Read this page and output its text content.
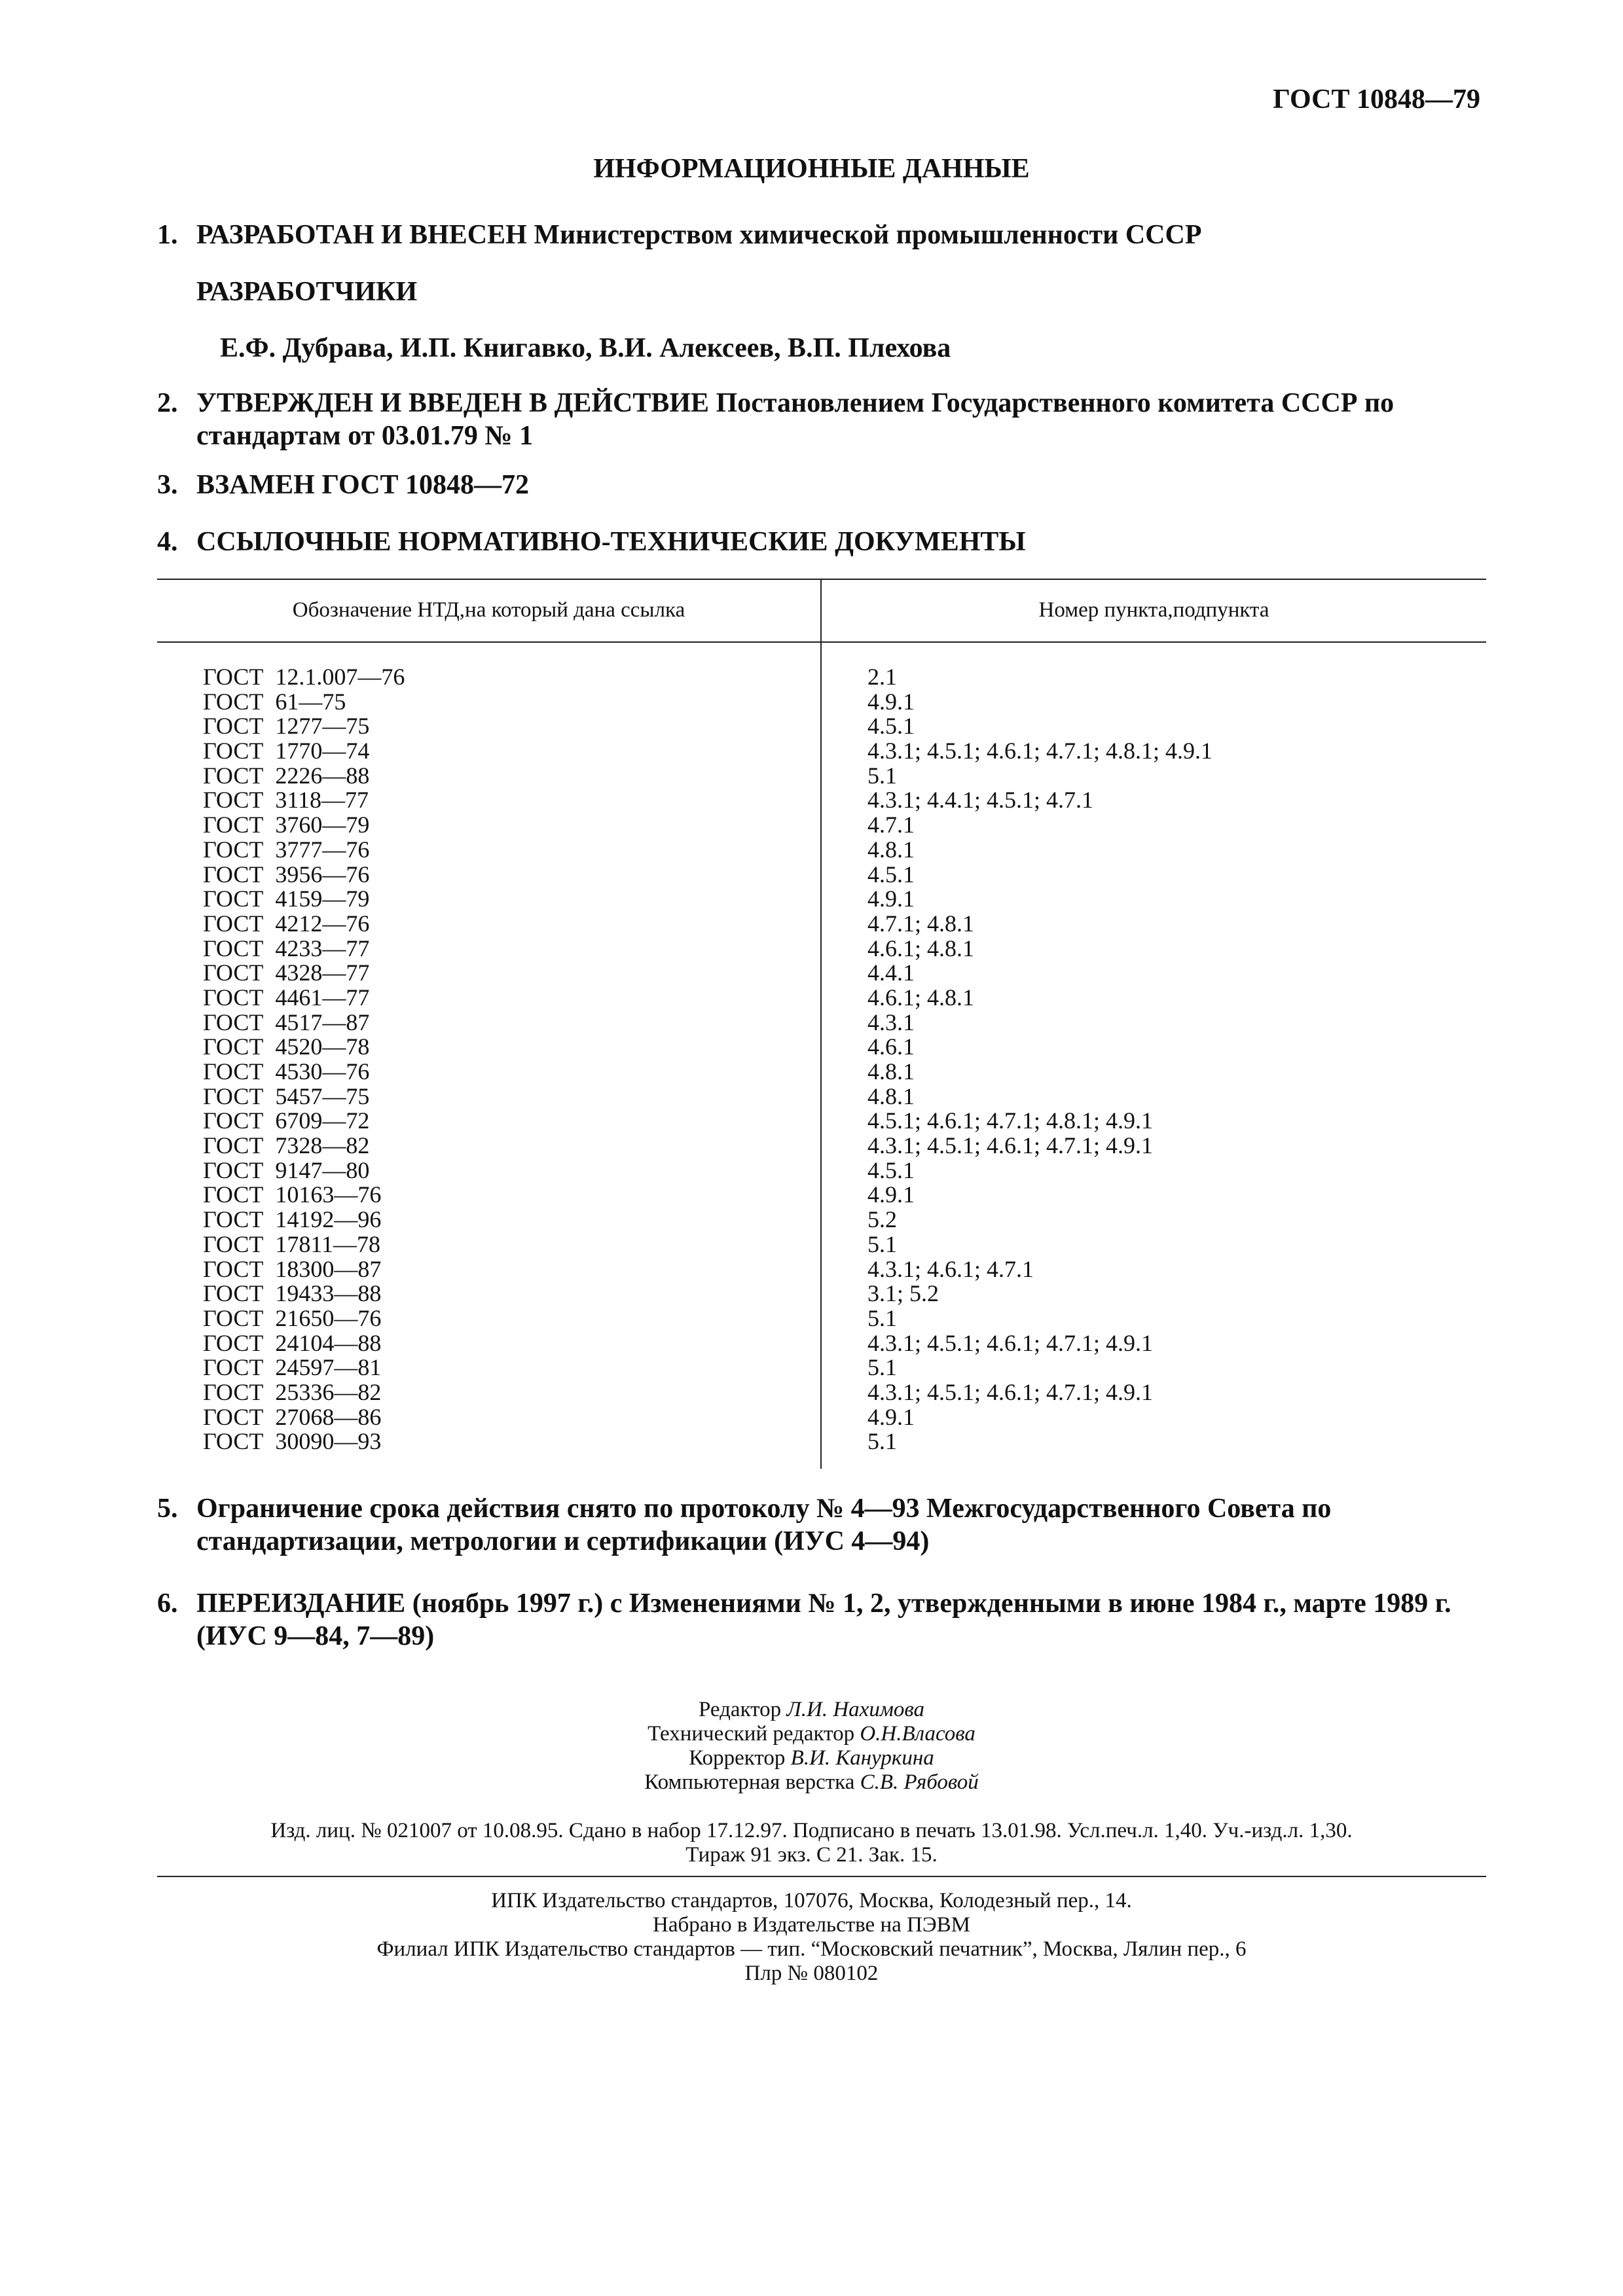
ГОСТ 10848—79
ИНФОРМАЦИОННЫЕ ДАННЫЕ
1. РАЗРАБОТАН И ВНЕСЕН Министерством химической промышленности СССР
РАЗРАБОТЧИКИ
Е.Ф. Дубрава, И.П. Книгавко, В.И. Алексеев, В.П. Плехова
2. УТВЕРЖДЕН И ВВЕДЕН В ДЕЙСТВИЕ Постановлением Государственного комитета СССР по стандартам от 03.01.79 № 1
3. ВЗАМЕН ГОСТ 10848—72
4. ССЫЛОЧНЫЕ НОРМАТИВНО-ТЕХНИЧЕСКИЕ ДОКУМЕНТЫ
Обозначение НТД,на который дана ссылка	Номер пункта,подпункта
ГОСТ  12.1.007—76	2.1
ГОСТ  61—75	4.9.1
ГОСТ  1277—75	4.5.1
ГОСТ  1770—74	4.3.1; 4.5.1; 4.6.1; 4.7.1; 4.8.1; 4.9.1
ГОСТ  2226—88	5.1
ГОСТ  3118—77	4.3.1; 4.4.1; 4.5.1; 4.7.1
ГОСТ  3760—79	4.7.1
ГОСТ  3777—76	4.8.1
ГОСТ  3956—76	4.5.1
ГОСТ  4159—79	4.9.1
ГОСТ  4212—76	4.7.1; 4.8.1
ГОСТ  4233—77	4.6.1; 4.8.1
ГОСТ  4328—77	4.4.1
ГОСТ  4461—77	4.6.1; 4.8.1
ГОСТ  4517—87	4.3.1
ГОСТ  4520—78	4.6.1
ГОСТ  4530—76	4.8.1
ГОСТ  5457—75	4.8.1
ГОСТ  6709—72	4.5.1; 4.6.1; 4.7.1; 4.8.1; 4.9.1
ГОСТ  7328—82	4.3.1; 4.5.1; 4.6.1; 4.7.1; 4.9.1
ГОСТ  9147—80	4.5.1
ГОСТ  10163—76	4.9.1
ГОСТ  14192—96	5.2
ГОСТ  17811—78	5.1
ГОСТ  18300—87	4.3.1; 4.6.1; 4.7.1
ГОСТ  19433—88	3.1; 5.2
ГОСТ  21650—76	5.1
ГОСТ  24104—88	4.3.1; 4.5.1; 4.6.1; 4.7.1; 4.9.1
ГОСТ  24597—81	5.1
ГОСТ  25336—82	4.3.1; 4.5.1; 4.6.1; 4.7.1; 4.9.1
ГОСТ  27068—86	4.9.1
ГОСТ  30090—93	5.1
5. Ограничение срока действия снято по протоколу № 4—93 Межгосударственного Совета по стандартизации, метрологии и сертификации (ИУС 4—94)
6. ПЕРЕИЗДАНИЕ (ноябрь 1997 г.) с Изменениями № 1, 2, утвержденными в июне 1984 г., марте 1989 г. (ИУС 9—84, 7—89)
Редактор Л.И. Нахимова
Технический редактор О.Н.Власова
Корректор В.И. Кануркина
Компьютерная верстка С.В. Рябовой
Изд. лиц. № 021007 от 10.08.95. Сдано в набор 17.12.97. Подписано в печать 13.01.98. Усл.печ.л. 1,40. Уч.-изд.л. 1,30.
Тираж 91 экз. С 21. Зак. 15.
ИПК Издательство стандартов, 107076, Москва, Колодезный пер., 14.
Набрано в Издательстве на ПЭВМ
Филиал ИПК Издательство стандартов — тип. “Московский печатник”, Москва, Лялин пер., 6
Плр № 080102
